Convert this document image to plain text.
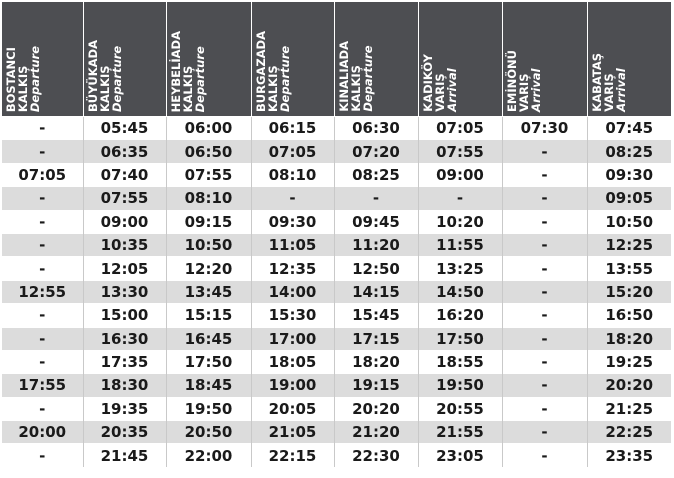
BOSTANCI
KALKIŞ
Departure	BÜYÜKADA
KALKIŞ
Departure	HEYBELİADA
KALKIŞ
Departure	BURGAZADA
KALKIŞ
Departure	KINALIADA
KALKIŞ
Departure	KADIKÖY
VARIŞ
Arrival	EMİNÖNÜ
VARIŞ
Arrival	KABATAŞ
VARIŞ
Arrival

-	05:45	06:00	06:15	06:30	07:05	07:30	07:45
-	06:35	06:50	07:05	07:20	07:55	-	08:25
07:05	07:40	07:55	08:10	08:25	09:00	-	09:30
-	07:55	08:10	-	-	-	-	09:05
-	09:00	09:15	09:30	09:45	10:20	-	10:50
-	10:35	10:50	11:05	11:20	11:55	-	12:25
-	12:05	12:20	12:35	12:50	13:25	-	13:55
12:55	13:30	13:45	14:00	14:15	14:50	-	15:20
-	15:00	15:15	15:30	15:45	16:20	-	16:50
-	16:30	16:45	17:00	17:15	17:50	-	18:20
-	17:35	17:50	18:05	18:20	18:55	-	19:25
17:55	18:30	18:45	19:00	19:15	19:50	-	20:20
-	19:35	19:50	20:05	20:20	20:55	-	21:25
20:00	20:35	20:50	21:05	21:20	21:55	-	22:25
-	21:45	22:00	22:15	22:30	23:05	-	23:35
